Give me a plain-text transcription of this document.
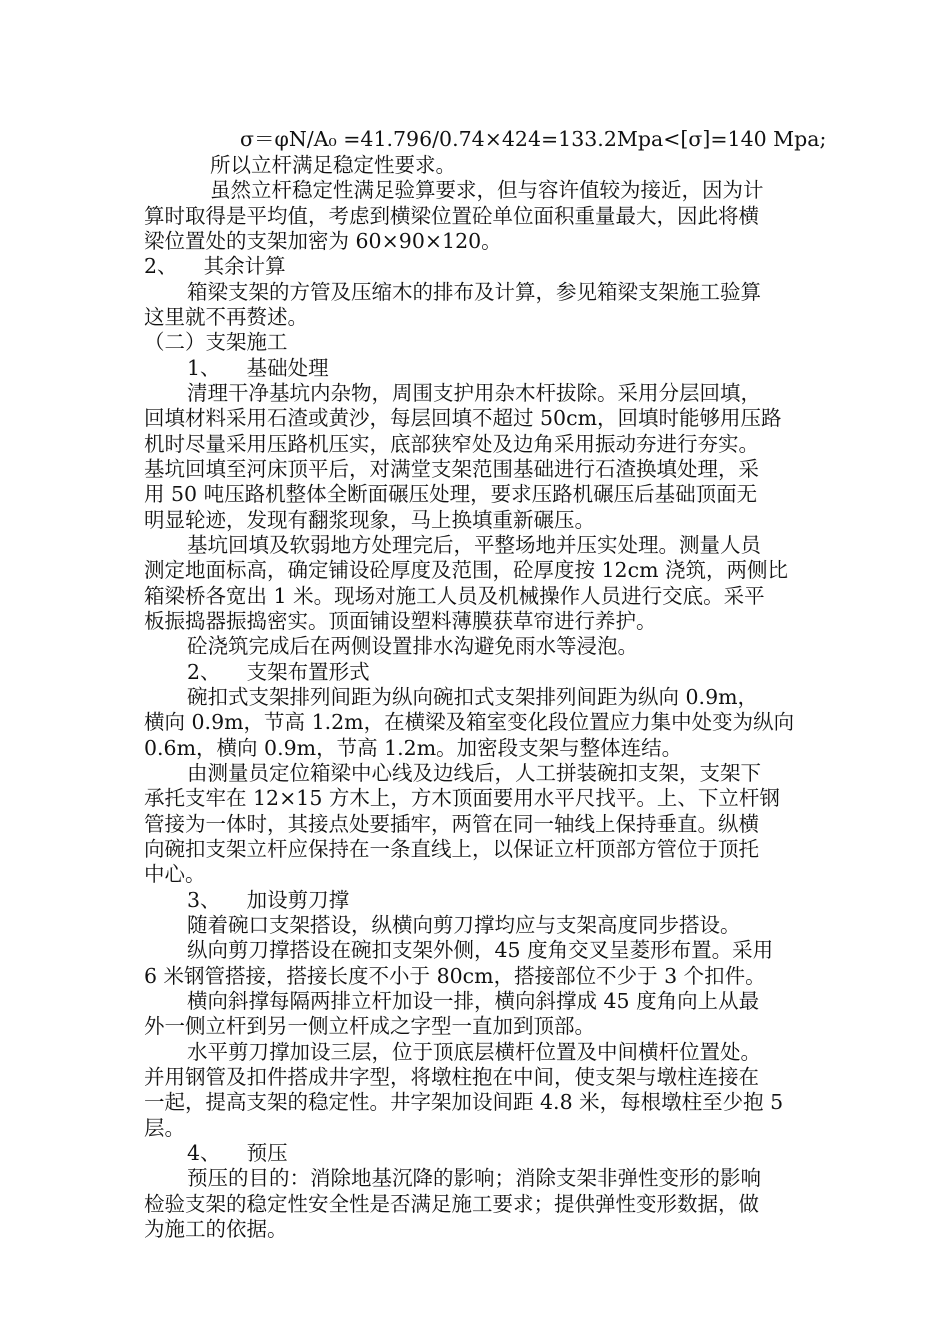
σ＝φN/A₀ =41.796/0.74×424=133.2Mpa<[σ]=140 Mpa;
所以立杆满足稳定性要求。
虽然立杆稳定性满足验算要求，但与容许值较为接近，因为计
算时取得是平均值，考虑到横梁位置砼单位面积重量最大，因此将横
梁位置处的支架加密为 60×90×120。
2、    其余计算
箱梁支架的方管及压缩木的排布及计算，参见箱梁支架施工验算
这里就不再赘述。
（二）支架施工
1、    基础处理
清理干净基坑内杂物，周围支护用杂木杆拔除。采用分层回填，
回填材料采用石渣或黄沙，每层回填不超过 50cm，回填时能够用压路
机时尽量采用压路机压实，底部狭窄处及边角采用振动夯进行夯实。
基坑回填至河床顶平后，对满堂支架范围基础进行石渣换填处理，采
用 50 吨压路机整体全断面碾压处理，要求压路机碾压后基础顶面无
明显轮迹，发现有翻浆现象，马上换填重新碾压。
基坑回填及软弱地方处理完后，平整场地并压实处理。测量人员
测定地面标高，确定铺设砼厚度及范围，砼厚度按 12cm 浇筑，两侧比
箱梁桥各宽出 1 米。现场对施工人员及机械操作人员进行交底。采平
板振捣器振捣密实。顶面铺设塑料薄膜获草帘进行养护。
砼浇筑完成后在两侧设置排水沟避免雨水等浸泡。
2、    支架布置形式
碗扣式支架排列间距为纵向碗扣式支架排列间距为纵向 0.9m，
横向 0.9m，节高 1.2m，在横梁及箱室变化段位置应力集中处变为纵向
0.6m，横向 0.9m，节高 1.2m。加密段支架与整体连结。
由测量员定位箱梁中心线及边线后，人工拼装碗扣支架，支架下
承托支牢在 12×15 方木上，方木顶面要用水平尺找平。上、下立杆钢
管接为一体时，其接点处要插牢，两管在同一轴线上保持垂直。纵横
向碗扣支架立杆应保持在一条直线上，以保证立杆顶部方管位于顶托
中心。
3、    加设剪刀撑
随着碗口支架搭设，纵横向剪刀撑均应与支架高度同步搭设。
纵向剪刀撑搭设在碗扣支架外侧，45 度角交叉呈菱形布置。采用
6 米钢管搭接，搭接长度不小于 80cm，搭接部位不少于 3 个扣件。
横向斜撑每隔两排立杆加设一排，横向斜撑成 45 度角向上从最
外一侧立杆到另一侧立杆成之字型一直加到顶部。
水平剪刀撑加设三层，位于顶底层横杆位置及中间横杆位置处。
并用钢管及扣件搭成井字型，将墩柱抱在中间，使支架与墩柱连接在
一起，提高支架的稳定性。井字架加设间距 4.8 米，每根墩柱至少抱 5
层。
4、    预压
预压的目的：消除地基沉降的影响；消除支架非弹性变形的影响
检验支架的稳定性安全性是否满足施工要求；提供弹性变形数据，做
为施工的依据。
